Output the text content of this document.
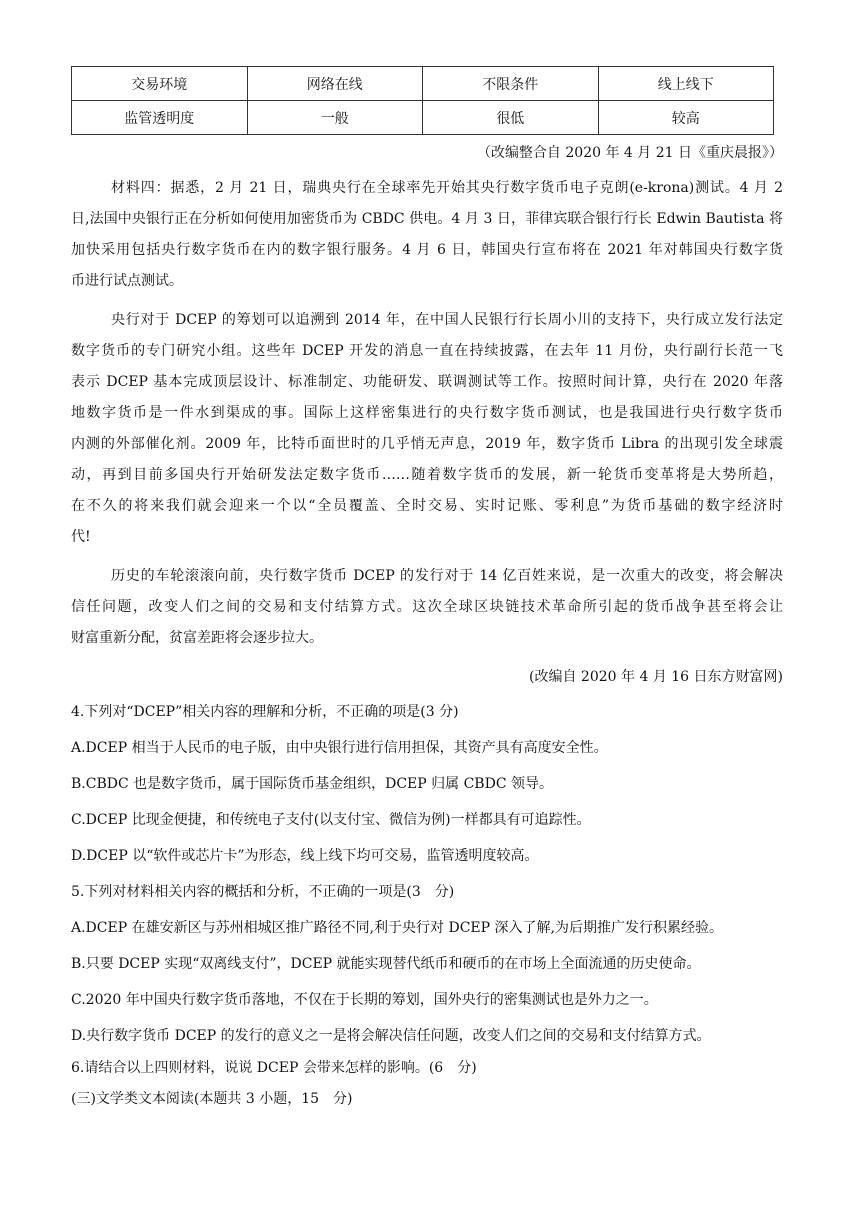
交易环境	网络在线	不限条件	线上线下
监管透明度	一般	很低	较高
（改编整合自 2020 年 4 月 21 日《重庆晨报》）
材料四：据悉，2 月 21 日，瑞典央行在全球率先开始其央行数字货币电子克朗(e-krona)测试。4 月 2
日,法国中央银行正在分析如何使用加密货币为 CBDC 供电。4 月 3 日，菲律宾联合银行行长 Edwin Bautista 将
加快采用包括央行数字货币在内的数字银行服务。4 月 6 日，韩国央行宣布将在 2021 年对韩国央行数字货
币进行试点测试。
央行对于 DCEP 的筹划可以追溯到 2014 年，在中国人民银行行长周小川的支持下，央行成立发行法定
数字货币的专门研究小组。这些年 DCEP 开发的消息一直在持续披露，在去年 11 月份，央行副行长范一飞
表示 DCEP 基本完成顶层设计、标准制定、功能研发、联调测试等工作。按照时间计算，央行在 2020 年落
地数字货币是一件水到渠成的事。国际上这样密集进行的央行数字货币测试，也是我国进行央行数字货币
内测的外部催化剂。2009 年，比特币面世时的几乎悄无声息，2019 年，数字货币 Libra 的出现引发全球震
动，再到目前多国央行开始研发法定数字货币……随着数字货币的发展，新一轮货币变革将是大势所趋，
在不久的将来我们就会迎来一个以“全员覆盖、全时交易、实时记账、零利息”为货币基础的数字经济时
代!
历史的车轮滚滚向前，央行数字货币 DCEP 的发行对于 14 亿百姓来说，是一次重大的改变，将会解决
信任问题，改变人们之间的交易和支付结算方式。这次全球区块链技术革命所引起的货币战争甚至将会让
财富重新分配，贫富差距将会逐步拉大。
(改编自 2020 年 4 月 16 日东方财富网)
4.下列对“DCEP”相关内容的理解和分析，不正确的项是(3 分)
A.DCEP 相当于人民币的电子版，由中央银行进行信用担保，其资产具有高度安全性。
B.CBDC 也是数字货币，属于国际货币基金组织，DCEP 归属 CBDC 领导。
C.DCEP 比现金便捷，和传统电子支付(以支付宝、微信为例)一样都具有可追踪性。
D.DCEP 以“软件或芯片卡”为形态，线上线下均可交易，监管透明度较高。
5.下列对材料相关内容的概括和分析，不正确的一项是(3　分)
A.DCEP 在雄安新区与苏州相城区推广路径不同,利于央行对 DCEP 深入了解,为后期推广发行积累经验。
B.只要 DCEP 实现“双离线支付”，DCEP 就能实现替代纸币和硬币的在市场上全面流通的历史使命。
C.2020 年中国央行数字货币落地，不仅在于长期的筹划，国外央行的密集测试也是外力之一。
D.央行数字货币 DCEP 的发行的意义之一是将会解决信任问题，改变人们之间的交易和支付结算方式。
6.请结合以上四则材料，说说 DCEP 会带来怎样的影响。(6　分)
(三)文学类文本阅读(本题共 3 小题，15　分)
